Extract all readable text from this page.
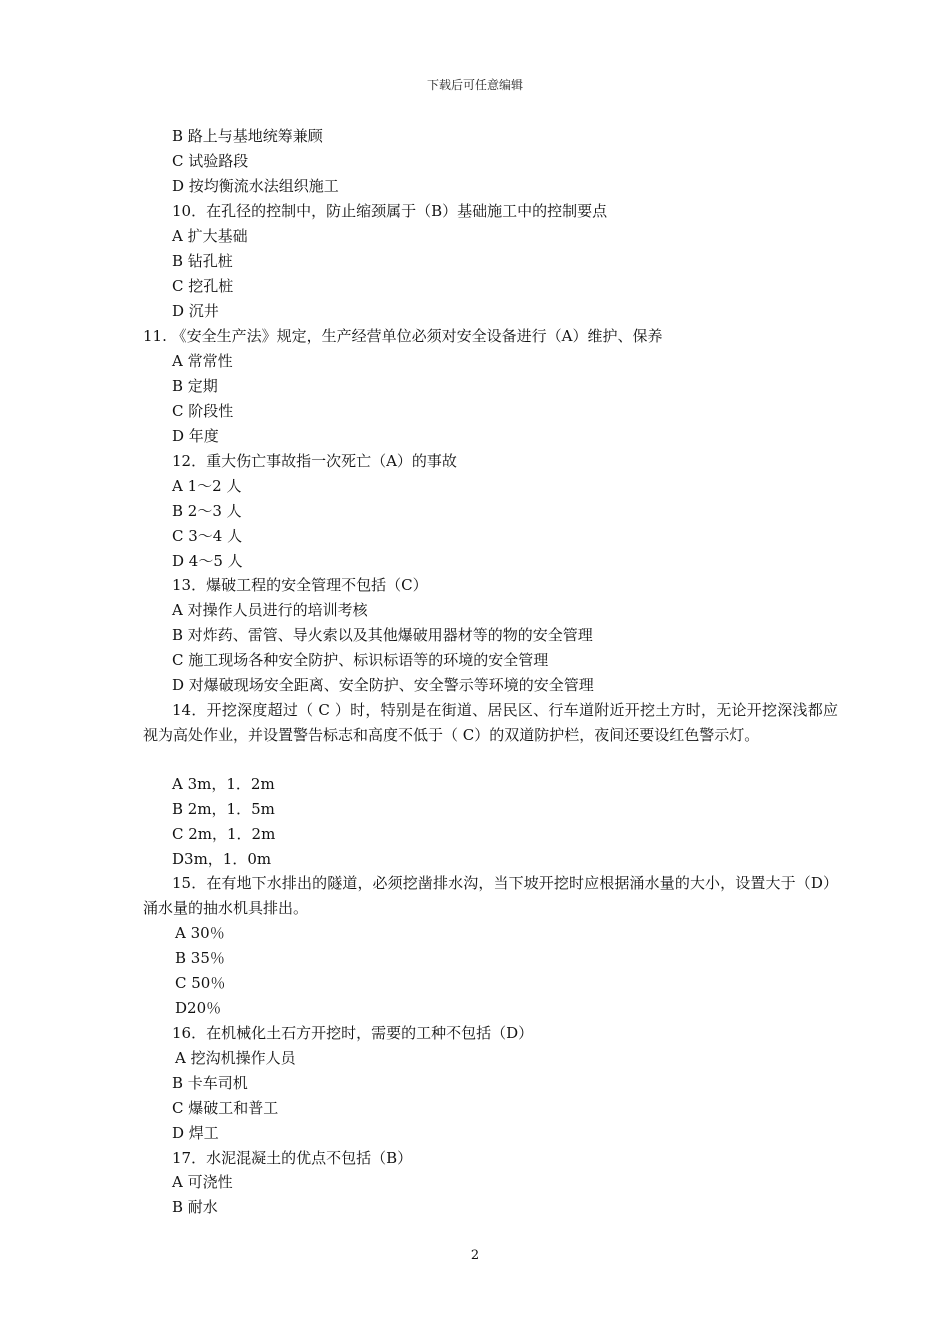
下载后可任意编辑
B 路上与基地统筹兼顾
C 试验路段
D 按均衡流水法组织施工
10．在孔径的控制中，防止缩颈属于（B）基础施工中的控制要点
A 扩大基础
B 钻孔桩
C 挖孔桩
D 沉井
11. 《安全生产法》规定，生产经营单位必须对安全设备进行（A）维护、保养
A 常常性
B 定期
C 阶段性
D 年度
12．重大伤亡事故指一次死亡（A）的事故
A 1～2 人
B 2～3 人
C 3～4 人
D 4～5 人
13．爆破工程的安全管理不包括（C）
A 对操作人员进行的培训考核
B 对炸药、雷管、导火索以及其他爆破用器材等的物的安全管理
C 施工现场各种安全防护、标识标语等的环境的安全管理
D 对爆破现场安全距离、安全防护、安全警示等环境的安全管理
A 3m，1．2m
B 2m，1．5m
C 2m，1．2m
D3m，1．0m
A 30％
B 35％
C 50％
D20％
16．在机械化土石方开挖时，需要的工种不包括（D）
A 挖沟机操作人员
B 卡车司机
C 爆破工和普工
D 焊工
17．水泥混凝土的优点不包括（B）
A 可浇性
B 耐水
14．开挖深度超过（ C ）时，特别是在街道、居民区、行车道附近开挖土方时，无论开挖深浅都应视为高处作业，并设置警告标志和高度不低于（ C）的双道防护栏，夜间还要设红色警示灯。
15．在有地下水排出的隧道，必须挖凿排水沟，当下坡开挖时应根据涌水量的大小，设置大于（D）涌水量的抽水机具排出。
2
